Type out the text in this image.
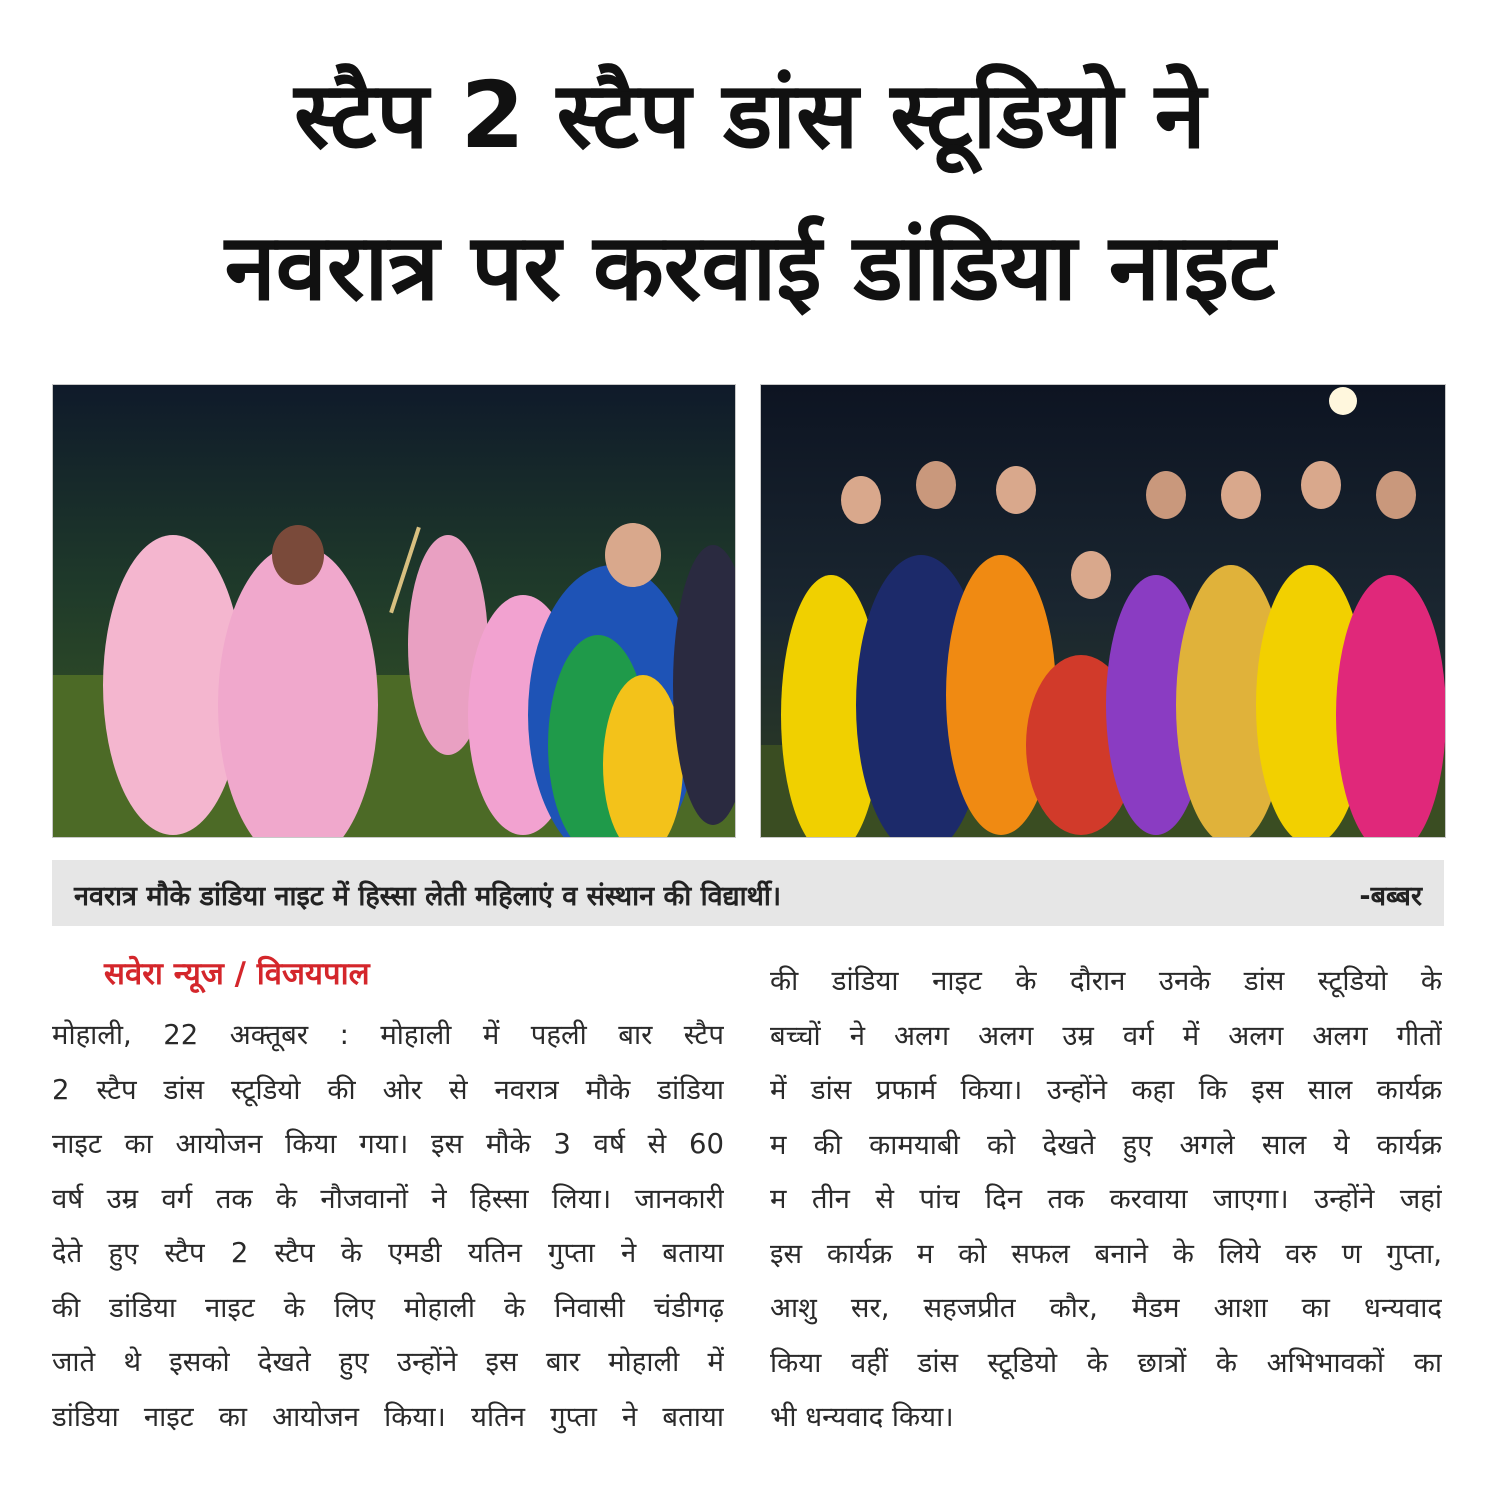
स्टैप 2 स्टैप डांस स्टूडियो ने
नवरात्र पर करवाई डांडिया नाइट
नवरात्र मौके डांडिया नाइट में हिस्सा लेती महिलाएं व संस्थान की विद्यार्थी।	-बब्बर
सवेरा न्यूज / विजयपाल
मोहाली, 22 अक्तूबर : मोहाली में पहली बार स्टैप
2 स्टैप डांस स्टूडियो की ओर से नवरात्र मौके डांडिया
नाइट का आयोजन किया गया। इस मौके 3 वर्ष से 60
वर्ष उम्र वर्ग तक के नौजवानों ने हिस्सा लिया। जानकारी
देते हुए स्टैप 2 स्टैप के एमडी यतिन गुप्ता ने बताया
की डांडिया नाइट के लिए मोहाली के निवासी चंडीगढ़
जाते थे इसको देखते हुए उन्होंने इस बार मोहाली में
डांडिया नाइट का आयोजन किया। यतिन गुप्ता ने बताया
की डांडिया नाइट के दौरान उनके डांस स्टूडियो के
बच्चों ने अलग अलग उम्र वर्ग में अलग अलग गीतों
में डांस प्रफार्म किया। उन्होंने कहा कि इस साल कार्यक्र
म की कामयाबी को देखते हुए अगले साल ये कार्यक्र
म तीन से पांच दिन तक करवाया जाएगा। उन्होंने जहां
इस कार्यक्र म को सफल बनाने के लिये वरु ण गुप्ता,
आशु सर, सहजप्रीत कौर, मैडम आशा का धन्यवाद
किया वहीं डांस स्टूडियो के छात्रों के अभिभावकों का
भी धन्यवाद किया।
